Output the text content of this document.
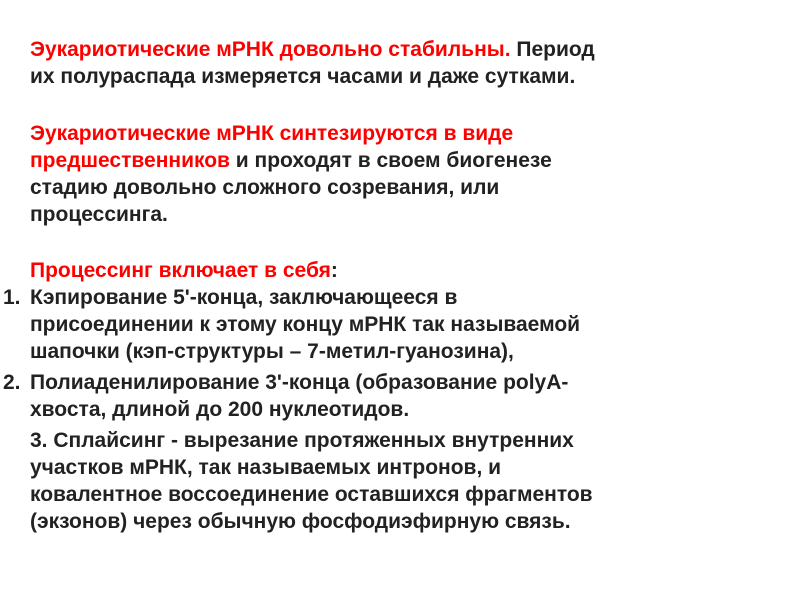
Эукариотические мРНК довольно стабильны. Период
их полураспада измеряется часами и даже сутками.

Эукариотические мРНК синтезируются в виде
предшественников и проходят в своем биогенезе
стадию довольно сложного созревания, или
процессинга.

Процессинг включает в себя:

1. Кэпирование 5'-конца, заключающееся в
присоединении к этому концу мРНК так называемой
шапочки (кэп-структуры – 7-метил-гуанозина),
2. Полиаденилирование 3'-конца (образование polyA-
хвоста, длиной до 200 нуклеотидов.
3. Сплайсинг - вырезание протяженных внутренних
участков мРНК, так называемых интронов, и
ковалентное воссоединение оставшихся фрагментов
(экзонов) через обычную фосфодиэфирную связь.
